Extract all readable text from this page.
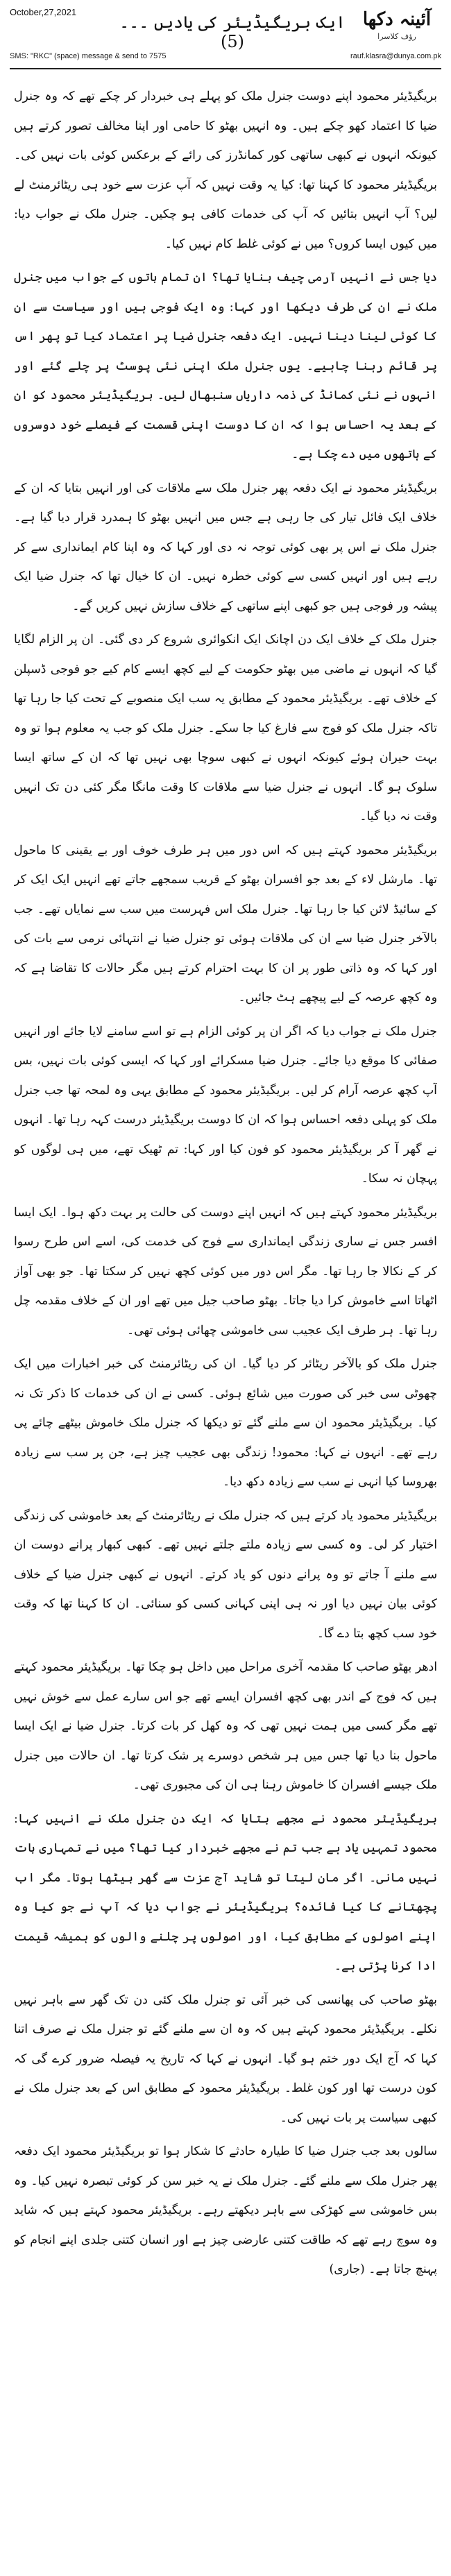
October,27,2021	آئینہ دکھا
رؤف کلاسرا
ایک بریگیڈیئر کی یادیں ۔۔۔(5)
SMS: "RKC" (space) message & send to 7575	rauf.klasra@dunya.com.pk

بریگیڈیئر محمود اپنے دوست جنرل ملک کو پہلے ہی خبردار کر چکے تھے کہ وہ جنرل ضیا کا اعتماد کھو چکے ہیں۔ وہ انہیں بھٹو کا حامی اور اپنا مخالف تصور کرتے ہیں کیونکہ انہوں نے کبھی ساتھی کور کمانڈرز کی رائے کے برعکس کوئی بات نہیں کی۔ بریگیڈیئر محمود کا کہنا تھا: کیا یہ وقت نہیں کہ آپ عزت سے خود ہی ریٹائرمنٹ لے لیں؟ آپ انہیں بتائیں کہ آپ کی خدمات کافی ہو چکیں۔ جنرل ملک نے جواب دیا: میں کیوں ایسا کروں؟ میں نے کوئی غلط کام نہیں کیا۔

دیا جس نے انہیں آرمی چیف بنایا تھا؟ ان تمام باتوں کے جواب میں جنرل ملک نے ان کی طرف دیکھا اور کہا: وہ ایک فوجی ہیں اور سیاست سے ان کا کوئی لینا دینا نہیں۔ ایک دفعہ جنرل ضیا پر اعتماد کیا تو پھر اس پر قائم رہنا چاہیے۔ یوں جنرل ملک اپنی نئی پوسٹ پر چلے گئے اور انہوں نے نئی کمانڈ کی ذمہ داریاں سنبھال لیں۔ بریگیڈیئر محمود کو ان کے بعد یہ احساس ہوا کہ ان کا دوست اپنی قسمت کے فیصلے خود دوسروں کے ہاتھوں میں دے چکا ہے۔

بریگیڈیئر محمود نے ایک دفعہ پھر جنرل ملک سے ملاقات کی اور انہیں بتایا کہ ان کے خلاف ایک فائل تیار کی جا رہی ہے جس میں انہیں بھٹو کا ہمدرد قرار دیا گیا ہے۔ جنرل ملک نے اس پر بھی کوئی توجہ نہ دی اور کہا کہ وہ اپنا کام ایمانداری سے کر رہے ہیں اور انہیں کسی سے کوئی خطرہ نہیں۔ ان کا خیال تھا کہ جنرل ضیا ایک پیشہ ور فوجی ہیں جو کبھی اپنے ساتھی کے خلاف سازش نہیں کریں گے۔

جنرل ملک کے خلاف ایک دن اچانک ایک انکوائری شروع کر دی گئی۔ ان پر الزام لگایا گیا کہ انہوں نے ماضی میں بھٹو حکومت کے لیے کچھ ایسے کام کیے جو فوجی ڈسپلن کے خلاف تھے۔ بریگیڈیئر محمود کے مطابق یہ سب ایک منصوبے کے تحت کیا جا رہا تھا تاکہ جنرل ملک کو فوج سے فارغ کیا جا سکے۔ جنرل ملک کو جب یہ معلوم ہوا تو وہ بہت حیران ہوئے کیونکہ انہوں نے کبھی سوچا بھی نہیں تھا کہ ان کے ساتھ ایسا سلوک ہو گا۔ انہوں نے جنرل ضیا سے ملاقات کا وقت مانگا مگر کئی دن تک انہیں وقت نہ دیا گیا۔

بریگیڈیئر محمود کہتے ہیں کہ اس دور میں ہر طرف خوف اور بے یقینی کا ماحول تھا۔ مارشل لاء کے بعد جو افسران بھٹو کے قریب سمجھے جاتے تھے انہیں ایک ایک کر کے سائیڈ لائن کیا جا رہا تھا۔ جنرل ملک اس فہرست میں سب سے نمایاں تھے۔ جب بالآخر جنرل ضیا سے ان کی ملاقات ہوئی تو جنرل ضیا نے انتہائی نرمی سے بات کی اور کہا کہ وہ ذاتی طور پر ان کا بہت احترام کرتے ہیں مگر حالات کا تقاضا ہے کہ وہ کچھ عرصہ کے لیے پیچھے ہٹ جائیں۔

جنرل ملک نے جواب دیا کہ اگر ان پر کوئی الزام ہے تو اسے سامنے لایا جائے اور انہیں صفائی کا موقع دیا جائے۔ جنرل ضیا مسکرائے اور کہا کہ ایسی کوئی بات نہیں، بس آپ کچھ عرصہ آرام کر لیں۔ بریگیڈیئر محمود کے مطابق یہی وہ لمحہ تھا جب جنرل ملک کو پہلی دفعہ احساس ہوا کہ ان کا دوست بریگیڈیئر درست کہہ رہا تھا۔ انہوں نے گھر آ کر بریگیڈیئر محمود کو فون کیا اور کہا: تم ٹھیک تھے، میں ہی لوگوں کو پہچان نہ سکا۔

بریگیڈیئر محمود کہتے ہیں کہ انہیں اپنے دوست کی حالت پر بہت دکھ ہوا۔ ایک ایسا افسر جس نے ساری زندگی ایمانداری سے فوج کی خدمت کی، اسے اس طرح رسوا کر کے نکالا جا رہا تھا۔ مگر اس دور میں کوئی کچھ نہیں کر سکتا تھا۔ جو بھی آواز اٹھاتا اسے خاموش کرا دیا جاتا۔ بھٹو صاحب جیل میں تھے اور ان کے خلاف مقدمہ چل رہا تھا۔ ہر طرف ایک عجیب سی خاموشی چھائی ہوئی تھی۔

جنرل ملک کو بالآخر ریٹائر کر دیا گیا۔ ان کی ریٹائرمنٹ کی خبر اخبارات میں ایک چھوٹی سی خبر کی صورت میں شائع ہوئی۔ کسی نے ان کی خدمات کا ذکر تک نہ کیا۔ بریگیڈیئر محمود ان سے ملنے گئے تو دیکھا کہ جنرل ملک خاموش بیٹھے چائے پی رہے تھے۔ انہوں نے کہا: محمود! زندگی بھی عجیب چیز ہے، جن پر سب سے زیادہ بھروسا کیا انہی نے سب سے زیادہ دکھ دیا۔

بریگیڈیئر محمود یاد کرتے ہیں کہ جنرل ملک نے ریٹائرمنٹ کے بعد خاموشی کی زندگی اختیار کر لی۔ وہ کسی سے زیادہ ملتے جلتے نہیں تھے۔ کبھی کبھار پرانے دوست ان سے ملنے آ جاتے تو وہ پرانے دنوں کو یاد کرتے۔ انہوں نے کبھی جنرل ضیا کے خلاف کوئی بیان نہیں دیا اور نہ ہی اپنی کہانی کسی کو سنائی۔ ان کا کہنا تھا کہ وقت خود سب کچھ بتا دے گا۔

ادھر بھٹو صاحب کا مقدمہ آخری مراحل میں داخل ہو چکا تھا۔ بریگیڈیئر محمود کہتے ہیں کہ فوج کے اندر بھی کچھ افسران ایسے تھے جو اس سارے عمل سے خوش نہیں تھے مگر کسی میں ہمت نہیں تھی کہ وہ کھل کر بات کرتا۔ جنرل ضیا نے ایک ایسا ماحول بنا دیا تھا جس میں ہر شخص دوسرے پر شک کرتا تھا۔ ان حالات میں جنرل ملک جیسے افسران کا خاموش رہنا ہی ان کی مجبوری تھی۔

بریگیڈیئر محمود نے مجھے بتایا کہ ایک دن جنرل ملک نے انہیں کہا: محمود تمہیں یاد ہے جب تم نے مجھے خبردار کیا تھا؟ میں نے تمہاری بات نہیں مانی۔ اگر مان لیتا تو شاید آج عزت سے گھر بیٹھا ہوتا۔ مگر اب پچھتانے کا کیا فائدہ؟ بریگیڈیئر نے جواب دیا کہ آپ نے جو کیا وہ اپنے اصولوں کے مطابق کیا، اور اصولوں پر چلنے والوں کو ہمیشہ قیمت ادا کرنا پڑتی ہے۔

بھٹو صاحب کی پھانسی کی خبر آئی تو جنرل ملک کئی دن تک گھر سے باہر نہیں نکلے۔ بریگیڈیئر محمود کہتے ہیں کہ وہ ان سے ملنے گئے تو جنرل ملک نے صرف اتنا کہا کہ آج ایک دور ختم ہو گیا۔ انہوں نے کہا کہ تاریخ یہ فیصلہ ضرور کرے گی کہ کون درست تھا اور کون غلط۔ بریگیڈیئر محمود کے مطابق اس کے بعد جنرل ملک نے کبھی سیاست پر بات نہیں کی۔

سالوں بعد جب جنرل ضیا کا طیارہ حادثے کا شکار ہوا تو بریگیڈیئر محمود ایک دفعہ پھر جنرل ملک سے ملنے گئے۔ جنرل ملک نے یہ خبر سن کر کوئی تبصرہ نہیں کیا۔ وہ بس خاموشی سے کھڑکی سے باہر دیکھتے رہے۔ بریگیڈیئر محمود کہتے ہیں کہ شاید وہ سوچ رہے تھے کہ طاقت کتنی عارضی چیز ہے اور انسان کتنی جلدی اپنے انجام کو پہنچ جاتا ہے۔ (جاری)
